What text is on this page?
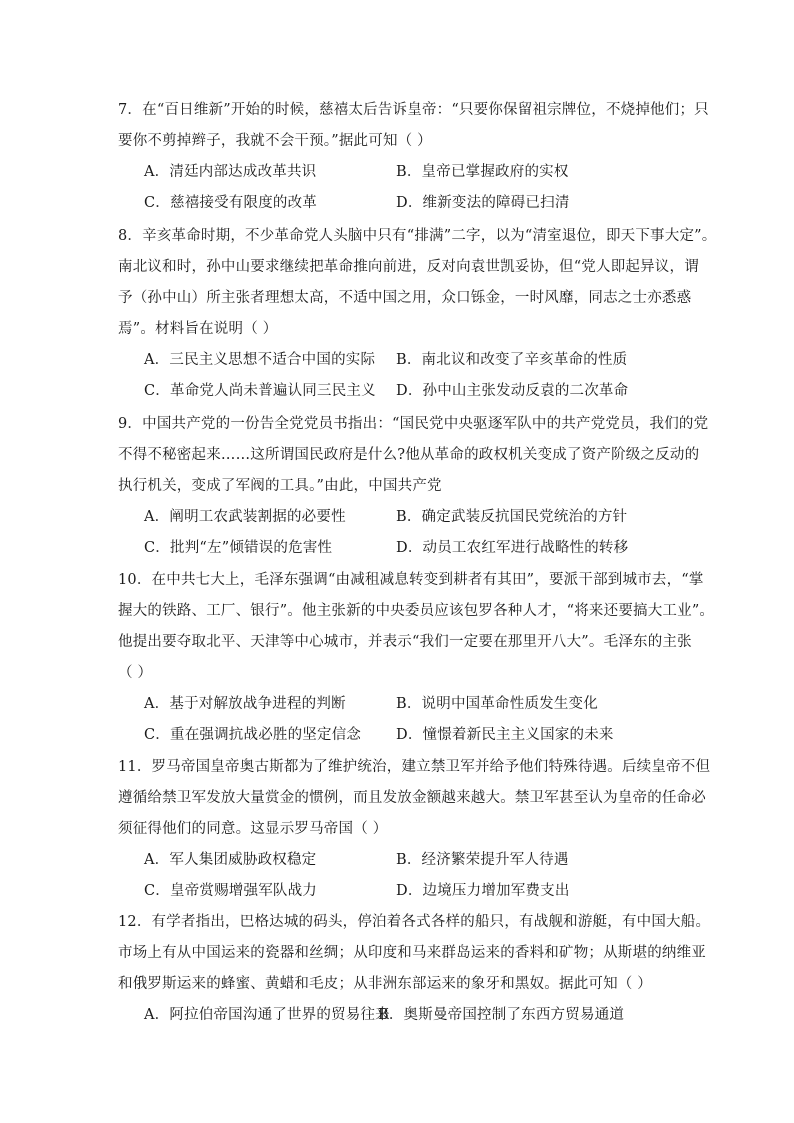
7．在“百日维新”开始的时候，慈禧太后告诉皇帝：“只要你保留祖宗牌位，不烧掉他们；只
要你不剪掉辫子，我就不会干预。”据此可知（ ）
A．清廷内部达成改革共识	B．皇帝已掌握政府的实权
C．慈禧接受有限度的改革	D．维新变法的障碍已扫清
8．辛亥革命时期，不少革命党人头脑中只有“排满”二字，以为“清室退位，即天下事大定”。
南北议和时，孙中山要求继续把革命推向前进，反对向袁世凯妥协，但“党人即起异议，谓
予（孙中山）所主张者理想太高，不适中国之用，众口铄金，一时风靡，同志之士亦悉惑
焉”。材料旨在说明（ ）
A．三民主义思想不适合中国的实际 B．南北议和改变了辛亥革命的性质
C．革命党人尚未普遍认同三民主义 D．孙中山主张发动反袁的二次革命
9．中国共产党的一份告全党党员书指出：“国民党中央驱逐军队中的共产党党员，我们的党
不得不秘密起来……这所谓国民政府是什么?他从革命的政权机关变成了资产阶级之反动的
执行机关，变成了军阀的工具。”由此，中国共产党
A．阐明工农武装割据的必要性	B．确定武装反抗国民党统治的方针
C．批判“左”倾错误的危害性	D．动员工农红军进行战略性的转移
10．在中共七大上，毛泽东强调“由减租减息转变到耕者有其田”，要派干部到城市去，“掌
握大的铁路、工厂、银行”。他主张新的中央委员应该包罗各种人才，“将来还要搞大工业”。
他提出要夺取北平、天津等中心城市，并表示“我们一定要在那里开八大”。毛泽东的主张
（ ）
A．基于对解放战争进程的判断	B．说明中国革命性质发生变化
C．重在强调抗战必胜的坚定信念 D．憧憬着新民主主义国家的未来
11．罗马帝国皇帝奥古斯都为了维护统治，建立禁卫军并给予他们特殊待遇。后续皇帝不但
遵循给禁卫军发放大量赏金的惯例，而且发放金额越来越大。禁卫军甚至认为皇帝的任命必
须征得他们的同意。这显示罗马帝国（ ）
A．军人集团威胁政权稳定	B．经济繁荣提升军人待遇
C．皇帝赏赐增强军队战力	D．边境压力增加军费支出
12．有学者指出，巴格达城的码头，停泊着各式各样的船只，有战舰和游艇，有中国大船。
市场上有从中国运来的瓷器和丝绸；从印度和马来群岛运来的香料和矿物；从斯堪的纳维亚
和俄罗斯运来的蜂蜜、黄蜡和毛皮；从非洲东部运来的象牙和黑奴。据此可知（ ）
A．阿拉伯帝国沟通了世界的贸易往来
B．奥斯曼帝国控制了东西方贸易通道
